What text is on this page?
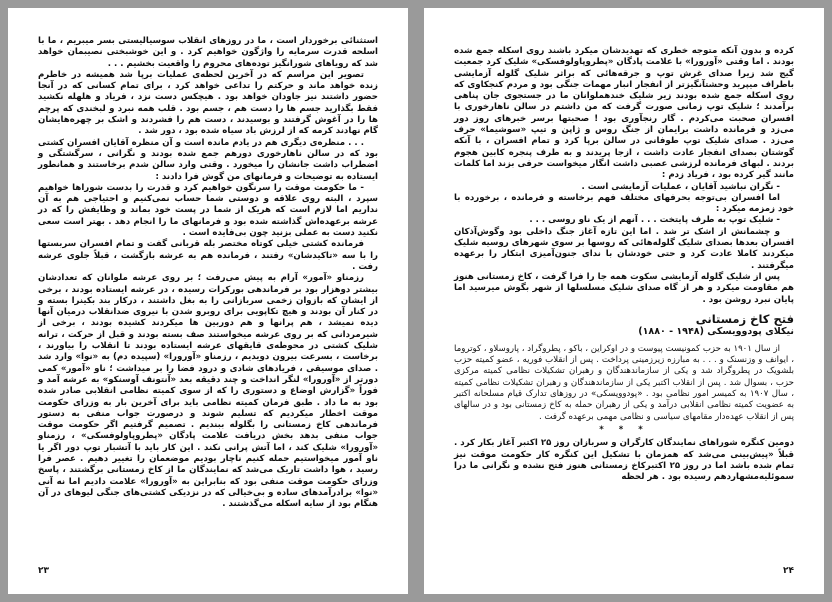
استثنائی برخوردار است ، ما در روزهای انقلاب سوسیالیستی بسر میبریم ، ما با اسلحه قدرت سرمایه را واژگون خواهیم کرد . و این خوشبختی نصیبمان خواهد شد که رویاهای شورانگیز توده‌های محروم را واقعیت بخشیم . . .

تصویر این مراسم که در آخرین لحظه‌ی عملیات برپا شد همیشه در خاطرم زنده خواهد ماند و حرکتم را تداعی خواهد کرد ، برای تمام کسانی که در آنجا حضور داشتند نیز جاودان خواهد بود . هیچکس دست نزد ، فریاد و هلهله نکشید فقط بگذارید جسم ها را دست هم ، جسم بود . قلب همه نبرد و لبخندی که پرچم ها را در آغوش گرفتند و بوسیدند ، دست هم را فشردند و اشک بر چهره‌هایشان گام نهادند کرمه که از لرزش باد سیاه شده بود ، دور شد .

. . . منظره‌ی دیگری هم در یادم مانده است و آن منظره آقایان افسران کشتی بود که در سالن ناهارخوری دورهم جمع شده بودند و نگرانی ، سرگشتگی و اضطراب داشت جانشان را میخورد . وقتی وارد سالن شدم برخاستند و همانطور ایستاده به توضیحات و فرمانهای من گوش فرا دادند :

- ما حکومت موقت را سرنگون خواهیم کرد و قدرت را بدست شوراها خواهیم سپرد ، البته روی علاقه و دوستی شما حساب نمی‌کنیم و احتیاجی هم به آن نداریم اما لازم است که هریک از شما در پست خود بماند و وظایفش را که در عرشه برعهده‌اش گذاشته شده بود و فرمانهای ما را انجام دهد . بهتر است سعی نکنید دست به عملی بزنید چون بی‌فایده است .

فرمانده کشتی خیلی کوتاه مختصر بله قربانی گفت و تمام افسران سربستها را با سه «تاکیدشان» رفتند ، فرمانده هم به عرشه بازگشت ، قبلاً جلوی عرشه رفت .

رزمناو «آمور» آرام به پیش می‌رفت ؛ بر روی عرشه ملوانان که تعدادشان بیشتر دوهزار بود بر فرماندهی بورکرات رسیده ، در عرشه ایستاده بودند ، برخی از ایشان که بازوان زخمی سربازانی را به بغل داشتند ، درکار بند بکینرا بسته و در کنار آن بودند و هیچ تکاپویی برای روبرو شدن با نیروی ضدانقلاب درمیان آنها دیده نمیشد ، هم پرانها و هم دوربین ها میکردند کشیده بودند ، برخی از شیرمردانی که بر روی عرشه میخواستند صف بسته بودند و قبل از حرکت ، ترانه شلیک کشتی در محوطه‌ی قایقهای عرشه ایستاده بودند تا انقلاب را بیاورند ، برخاست ، بسرعت بیرون دویدیم ، رزمناو «آورورا» (سپیده دم) به «نوا» وارد شد . صدای موسیقی ، فریادهای شادی و درود فضا را بر میداشت ؛ ناو «آمور» کمی دورتر از «آورورا» لنگر انداخت و چند دقیقه بعد «آنتونف آوسنکو» به عرشه آمد و فوراً «گزارش اوضاع و دستوری را که از سوی کمیته نظامی انقلابی صادر شده بود به ما داد . طبق فرمان کمیته نظامی باید برای آخرین بار به وزرای حکومت موقت اخطار میکردیم که تسلیم شوند و درصورت جواب منفی به دستور فرماندهی کاخ زمستانی را بگلوله ببندیم . تصمیم گرفتیم اگر حکومت موقت جواب منفی بدهد بخش دریافت علامت پادگان «پطروپاولوفسکی» ، رزمناو «آورورا» شلیک کند ، اما آتش پرانی نکند . این کار باید با آتشبار توپ دور اگر یا ناو آمور میخواستیم حمله کنیم ناچار بودیم موضعمان را تغییر دهیم . عصر فرا رسید ، هوا داشت تاریک می‌شد که نمایندگان ما از کاخ زمستانی برگشتند ، پاسخ وزرای حکومت موقت منفی بود که بنابراین به «آورورا» علامت دادیم اما نه آنی «نوا» برادرآمدهای ساده و بی‌خیالی که در نزدیکی کشتی‌های جنگی لیوهای در آن هنگام بود از سایه اسکله می‌گذشتند .

۲۳

کرده و بدون آنکه متوجه خطری که تهدیدشان میکرد باشند روی اسکله جمع شده بودند . اما وقتی «آورورا» با علامت پادگان «پطروپاولوفسکی» شلیک کرد جمعیت گیج شد زیرا صدای غرش توپ و جرقه‌هائی که براثر شلیک گلوله آزمایشی باطراف میپرید وحشتآنگیزتر از انفجار انبار مهمات جنگی بود و مردم کنجکاوی که روی اسکله جمع شده بودند زیر شلیک خندهملوانان ما در جستجوی جان پناهی برآمدند ؛ شلیک توپ زمانی صورت گرفت که من داشتم در سالن ناهارخوری با افسران صحبت می‌کردم . گار رنجآوری بود ! صحبتها برسر خبرهای روز دور می‌زد و فرمانده داشت برایمان از جنگ روس و ژاپن و تیپ «سوشیما» حرف می‌زد . صدای شلیک توپ طوفانی در سالن برپا کرد و تمام افسران ، با آنکه گوشتان بصدای انفجار عادت داشت ، ازجا پریدند و به طرف پنجره کابین هجوم بردند . لبهای فرمانده لرزشی عصبی داشت انگار میخواست حرفی بزند اما کلمات مانند گیر کرده بود ، فریاد زدم :

- نگران نباشید آقایان ، عملیات آزمایشی است .

اما افسران بی‌توجه بحرفهای مختلف فهم برخاسته و فرمانده ، برخورده با خود زمزمه میکرد :

- شلیک توپ به طرف پایتخت . . . آنهم از یک ناو روسی . . .

و چشمانش از اشک تر شد . اما این تازه آغاز جنگ داخلی بود وگوش‌آذکان افسران بعدها بصدای شلیک گلوله‌هائی که روسها بر سوی شهرهای روسیه شلیک میکردند کاملا عادت کرد و حتی خودشان با ندای جنون‌آمیزی ابتکار را برعهده میگرفتند .

پس از شلیک گلوله آزمایشی سکوت همه جا را فرا گرفت ، کاخ زمستانی هنوز هم مقاومت میکرد و هر از گاه صدای شلیک مسلسلها از شهر بگوش میرسید اما پایان نبرد روشن بود .

فتح کاخ زمستانی

نیکلای پودوویسکی (۱۹۴۸ - ۱۸۸۰)

از سال ۱۹۰۱ به حزب کمونیست پیوست و در اوکراین ، باکو ، پطروگراد ، پاروسلاو ، کوتروما ، ایوانف و وزنسنک و . . . به مبارزه زیرزمینی پرداخت . پس از انقلاب فوریه ، عضو کمیته حزب بلشویک در پطروگراد شد و یکی از سازماندهندگان و رهبران تشکیلات نظامی کمیته مرکزی حزب ، بسوال شد . پس از انقلاب اکتبر یکی از سازماندهندگان و رهبران تشکیلات نظامی کمیته ، سال ۱۹۰۷ به کمیسر امور نظامی بود . «پودوویسکی» در روزهای تدارک قیام مسلحانه اکتبر به عضویت کمیته نظامی انقلابی درآمد و یکی از رهبران حمله به کاخ زمستانی بود و در سالهای پس از انقلاب عهده‌دار مقامهای سیاسی و نظامی مهمی برعهده گرفت .

* * *

دومین کنگره شوراهای نمایندگان کارگران و سربازان روز ۲۵ اکتبر آغاز بکار کرد . قبلاً «پیش‌بینی می‌شد که همزمان با تشکیل این کنگره کار حکومت موقت نیز تمام شده باشد اما در روز ۲۵ اکتبرکاخ زمستانی هنوز فتح نشده و نگرانی ما درا سموئلیه‌مشهاردهم رسیده بود . هر لحظه

۲۴
